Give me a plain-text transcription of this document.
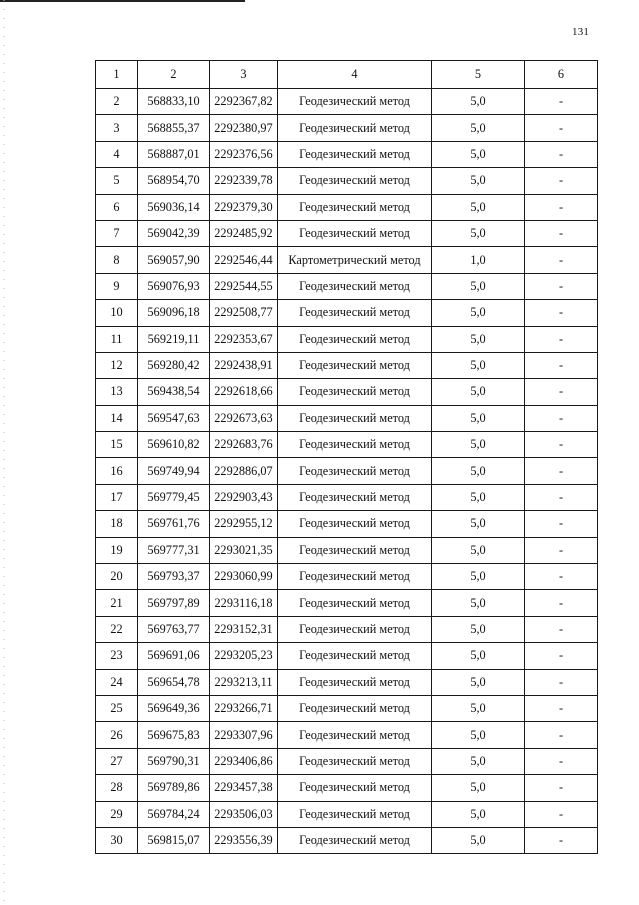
131
1	2	3	4	5	6
2	568833,10	2292367,82	Геодезический метод	5,0	-
3	568855,37	2292380,97	Геодезический метод	5,0	-
4	568887,01	2292376,56	Геодезический метод	5,0	-
5	568954,70	2292339,78	Геодезический метод	5,0	-
6	569036,14	2292379,30	Геодезический метод	5,0	-
7	569042,39	2292485,92	Геодезический метод	5,0	-
8	569057,90	2292546,44	Картометрический метод	1,0	-
9	569076,93	2292544,55	Геодезический метод	5,0	-
10	569096,18	2292508,77	Геодезический метод	5,0	-
11	569219,11	2292353,67	Геодезический метод	5,0	-
12	569280,42	2292438,91	Геодезический метод	5,0	-
13	569438,54	2292618,66	Геодезический метод	5,0	-
14	569547,63	2292673,63	Геодезический метод	5,0	-
15	569610,82	2292683,76	Геодезический метод	5,0	-
16	569749,94	2292886,07	Геодезический метод	5,0	-
17	569779,45	2292903,43	Геодезический метод	5,0	-
18	569761,76	2292955,12	Геодезический метод	5,0	-
19	569777,31	2293021,35	Геодезический метод	5,0	-
20	569793,37	2293060,99	Геодезический метод	5,0	-
21	569797,89	2293116,18	Геодезический метод	5,0	-
22	569763,77	2293152,31	Геодезический метод	5,0	-
23	569691,06	2293205,23	Геодезический метод	5,0	-
24	569654,78	2293213,11	Геодезический метод	5,0	-
25	569649,36	2293266,71	Геодезический метод	5,0	-
26	569675,83	2293307,96	Геодезический метод	5,0	-
27	569790,31	2293406,86	Геодезический метод	5,0	-
28	569789,86	2293457,38	Геодезический метод	5,0	-
29	569784,24	2293506,03	Геодезический метод	5,0	-
30	569815,07	2293556,39	Геодезический метод	5,0	-
